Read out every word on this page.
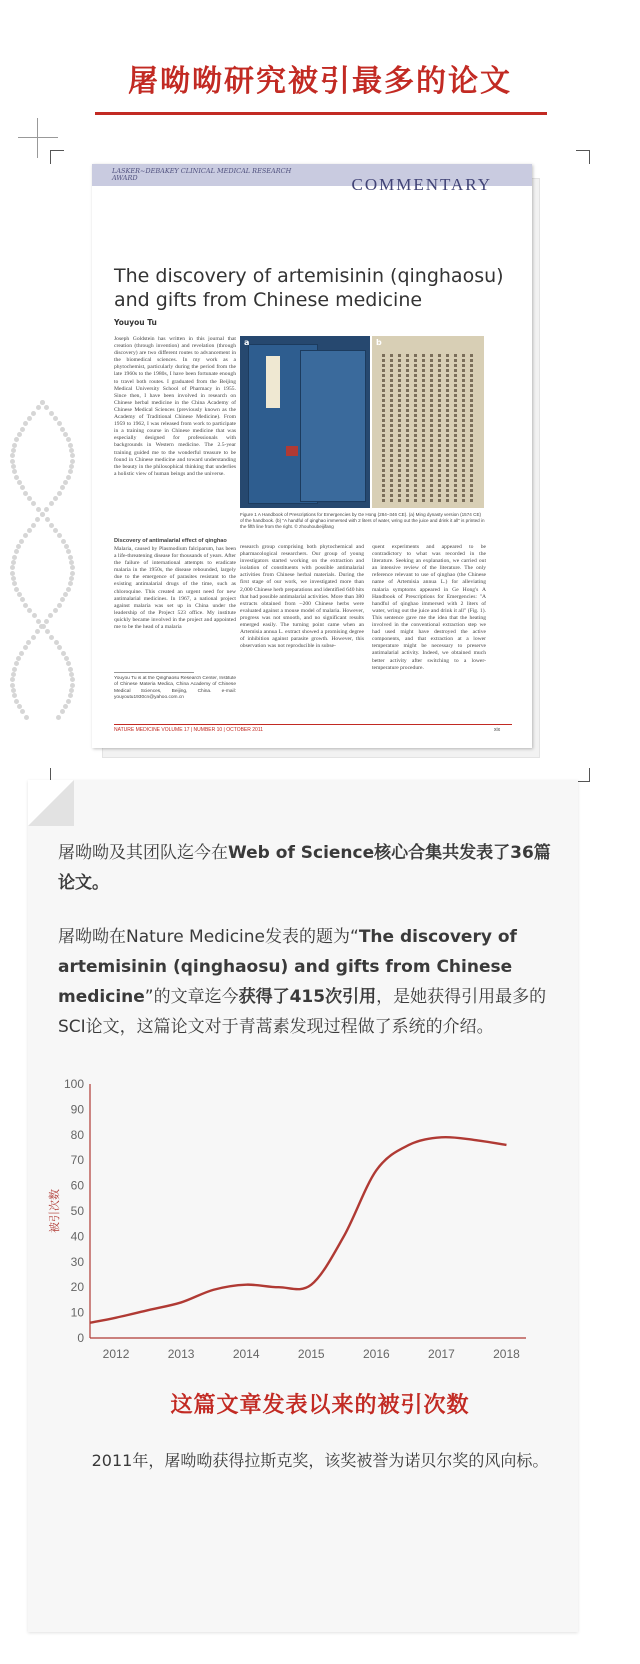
屠呦呦研究被引最多的论文
LASKER~DEBAKEY CLINICAL MEDICAL RESEARCH AWARD	COMMENTARY
The discovery of artemisinin (qinghaosu)
and gifts from Chinese medicine
Youyou Tu
Joseph Goldstein has written in this journal that creation (through invention) and revelation (through discovery) are two different routes to advancement in the biomedical sciences. In my work as a phytochemist, particularly during the period from the late 1960s to the 1980s, I have been fortunate enough to travel both routes. I graduated from the Beijing Medical University School of Pharmacy in 1955. Since then, I have been involved in research on Chinese herbal medicine in the China Academy of Chinese Medical Sciences (previously known as the Academy of Traditional Chinese Medicine). From 1959 to 1962, I was released from work to participate in a training course in Chinese medicine that was especially designed for professionals with backgrounds in Western medicine. The 2.5-year training guided me to the wonderful treasure to be found in Chinese medicine and toward understanding the beauty in the philosophical thinking that underlies a holistic view of human beings and the universe.
Discovery of antimalarial effect of qinghao
Malaria, caused by Plasmodium falciparum, has been a life-threatening disease for thousands of years. After the failure of international attempts to eradicate malaria in the 1950s, the disease rebounded, largely due to the emergence of parasites resistant to the existing antimalarial drugs of the time, such as chloroquine. This created an urgent need for new antimalarial medicines. In 1967, a national project against malaria was set up in China under the leadership of the Project 523 office. My institute quickly became involved in the project and appointed me to be the head of a malaria
Youyou Tu is at the Qinghaosu Research Center, Institute of Chinese Materia Medica, China Academy of Chinese Medical Sciences, Beijing, China. e-mail: youyoutu1930cn@yahoo.com.cn
a	b
Figure 1 A Handbook of Prescriptions for Emergencies by Ge Hong (284–346 CE). (a) Ming dynasty version (1574 CE) of the handbook. (b) "A handful of qinghao immersed with 2 liters of water, wring out the juice and drink it all" is printed in the fifth line from the right. © zhouhoubeijifang
research group comprising both phytochemical and pharmacological researchers. Our group of young investigators started working on the extraction and isolation of constituents with possible antimalarial activities from Chinese herbal materials. During the first stage of our work, we investigated more than 2,000 Chinese herb preparations and identified 640 hits that had possible antimalarial activities. More than 380 extracts obtained from ~200 Chinese herbs were evaluated against a mouse model of malaria. However, progress was not smooth, and no significant results emerged easily. The turning point came when an Artemisia annua L. extract showed a promising degree of inhibition against parasite growth. However, this observation was not reproducible in subse-
quent experiments and appeared to be contradictory to what was recorded in the literature. Seeking an explanation, we carried out an intensive review of the literature. The only reference relevant to use of qinghao (the Chinese name of Artemisia annua L.) for alleviating malaria symptoms appeared in Ge Hong's A Handbook of Prescriptions for Emergencies: "A handful of qinghao immersed with 2 liters of water, wring out the juice and drink it all" (Fig. 1). This sentence gave me the idea that the heating involved in the conventional extraction step we had used might have destroyed the active components, and that extraction at a lower temperature might be necessary to preserve antimalarial activity. Indeed, we obtained much better activity after switching to a lower-temperature procedure.
NATURE MEDICINE VOLUME 17 | NUMBER 10 | OCTOBER 2011	xix
屠呦呦及其团队迄今在Web of Science核心合集共发表了36篇论文。
屠呦呦在Nature Medicine发表的题为“The discovery of artemisinin (qinghaosu) and gifts from Chinese medicine”的文章迄今获得了415次引用，是她获得引用最多的SCI论文，这篇论文对于青蒿素发现过程做了系统的介绍。
0
10
20
30
40
50
60
70
80
90
100
2012	2013	2014	2015	2016	2017	2018
被引次数
这篇文章发表以来的被引次数
2011年，屠呦呦获得拉斯克奖，该奖被誉为诺贝尔奖的风向标。
